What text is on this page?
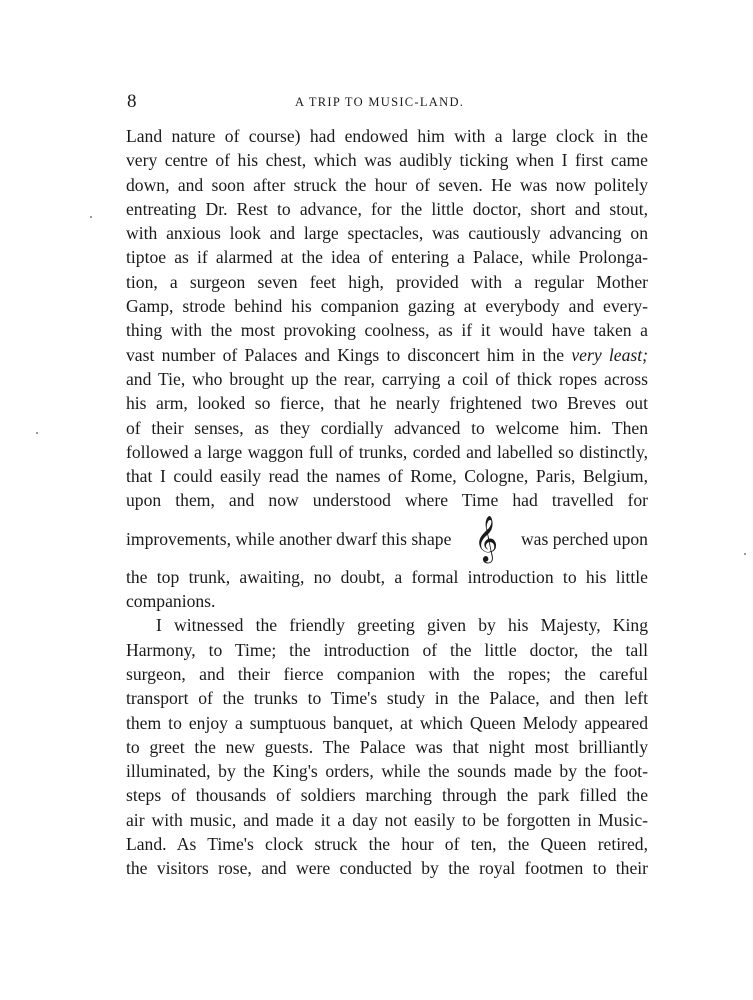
8	A TRIP TO MUSIC-LAND.
Land nature of course) had endowed him with a large clock in the
very centre of his chest, which was audibly ticking when I first came
down, and soon after struck the hour of seven. He was now politely
entreating Dr. Rest to advance, for the little doctor, short and stout,
with anxious look and large spectacles, was cautiously advancing on
tiptoe as if alarmed at the idea of entering a Palace, while Prolonga-
tion, a surgeon seven feet high, provided with a regular Mother
Gamp, strode behind his companion gazing at everybody and every-
thing with the most provoking coolness, as if it would have taken a
vast number of Palaces and Kings to disconcert him in the very least;
and Tie, who brought up the rear, carrying a coil of thick ropes across
his arm, looked so fierce, that he nearly frightened two Breves out
of their senses, as they cordially advanced to welcome him. Then
followed a large waggon full of trunks, corded and labelled so distinctly,
that I could easily read the names of Rome, Cologne, Paris, Belgium,
upon them, and now understood where Time had travelled for
improvements, while another dwarf this shape 𝄞 was perched upon
the top trunk, awaiting, no doubt, a formal introduction to his little
companions.
I witnessed the friendly greeting given by his Majesty, King
Harmony, to Time; the introduction of the little doctor, the tall
surgeon, and their fierce companion with the ropes; the careful
transport of the trunks to Time's study in the Palace, and then left
them to enjoy a sumptuous banquet, at which Queen Melody appeared
to greet the new guests. The Palace was that night most brilliantly
illuminated, by the King's orders, while the sounds made by the foot-
steps of thousands of soldiers marching through the park filled the
air with music, and made it a day not easily to be forgotten in Music-
Land. As Time's clock struck the hour of ten, the Queen retired,
the visitors rose, and were conducted by the royal footmen to their
